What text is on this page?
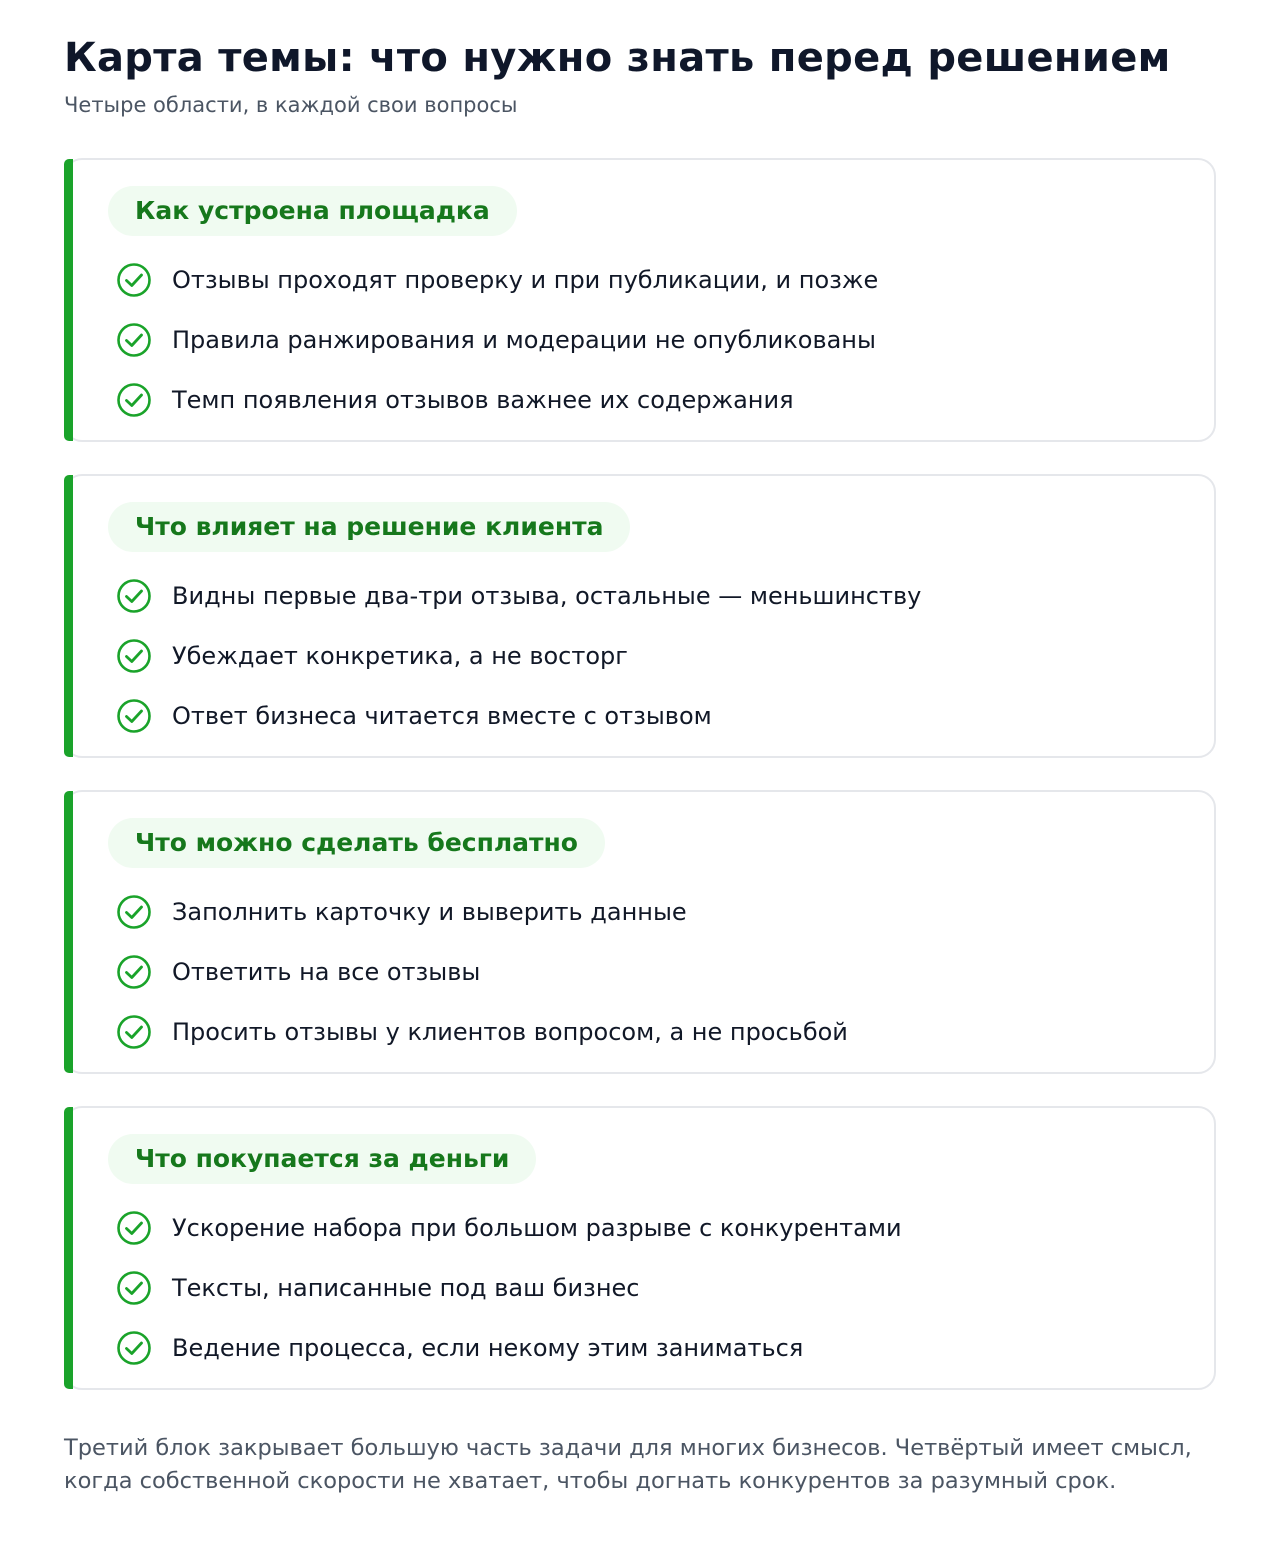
Карта темы: что нужно знать перед решением

Четыре области, в каждой свои вопросы

Как устроена площадка
Отзывы проходят проверку и при публикации, и позже
Правила ранжирования и модерации не опубликованы
Темп появления отзывов важнее их содержания
Что влияет на решение клиента
Видны первые два-три отзыва, остальные — меньшинству
Убеждает конкретика, а не восторг
Ответ бизнеса читается вместе с отзывом
Что можно сделать бесплатно
Заполнить карточку и выверить данные
Ответить на все отзывы
Просить отзывы у клиентов вопросом, а не просьбой
Что покупается за деньги
Ускорение набора при большом разрыве с конкурентами
Тексты, написанные под ваш бизнес
Ведение процесса, если некому этим заниматься

Третий блок закрывает большую часть задачи для многих бизнесов. Четвёртый имеет смысл, когда собственной скорости не хватает, чтобы догнать конкурентов за разумный срок.
